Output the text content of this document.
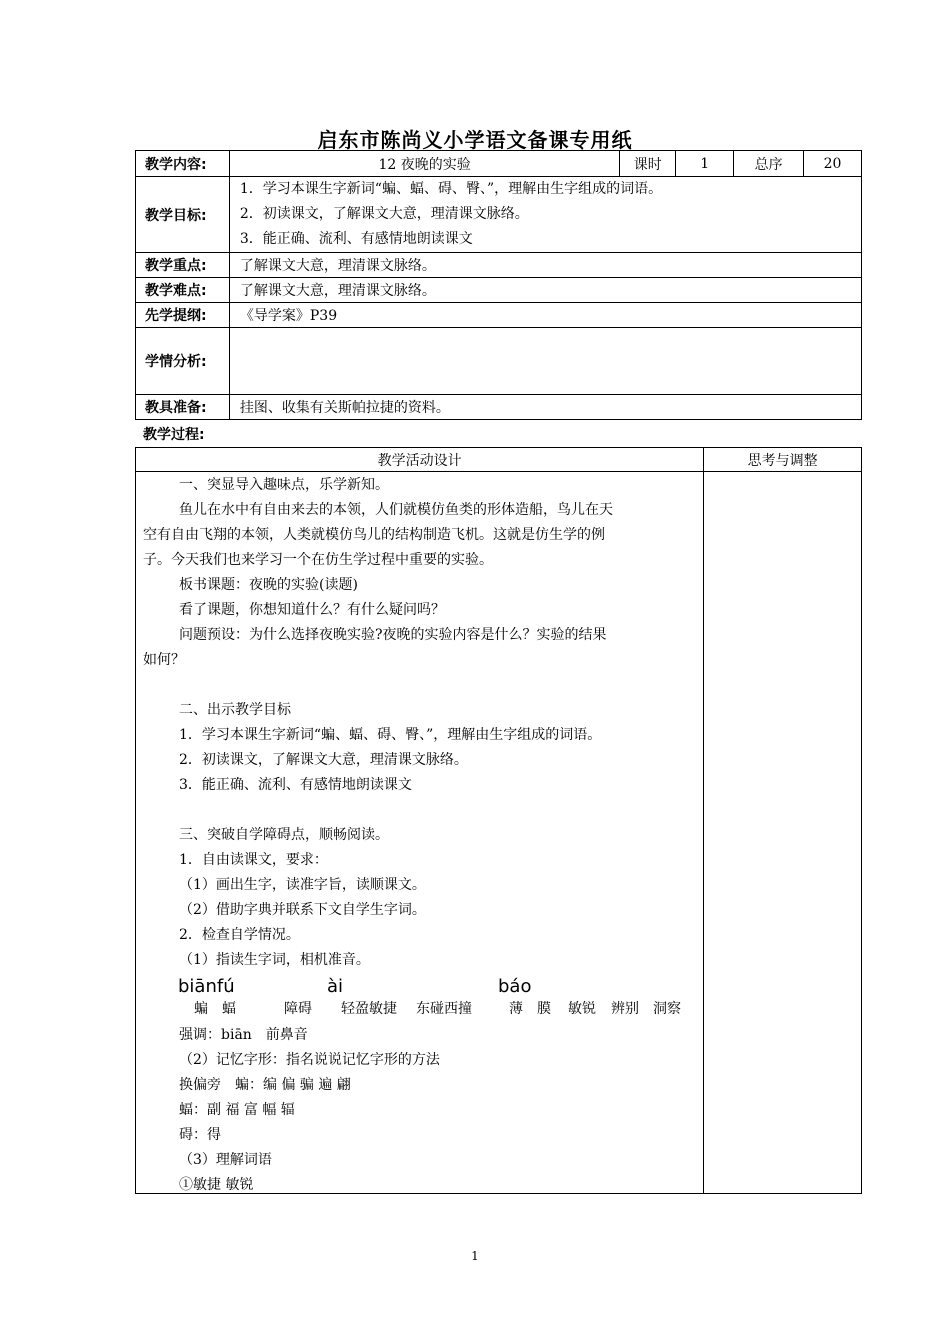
启东市陈尚义小学语文备课专用纸
教学内容:	12 夜晚的实验	课时	1	总序	20
教学目标:	1．学习本课生字新词“蝙、蝠、碍、臀、”，理解由生字组成的词语。
2．初读课文，了解课文大意，理清课文脉络。
3．能正确、流利、有感情地朗读课文				

教学重点:	了解课文大意，理清课文脉络。				
教学难点:	了解课文大意，理清课文脉络。				
先学提纲:	《导学案》P39				
学情分析:					
教具准备:	挂图、收集有关斯帕拉捷的资料。				
教学过程:
教学活动设计	思考与调整

一、突显导入趣味点，乐学新知。
鱼儿在水中有自由来去的本领，人们就模仿鱼类的形体造船，鸟儿在天
空有自由飞翔的本领，人类就模仿鸟儿的结构制造飞机。这就是仿生学的例
子。今天我们也来学习一个在仿生学过程中重要的实验。
板书课题：夜晚的实验(读题)
看了课题，你想知道什么？有什么疑问吗？
问题预设：为什么选择夜晚实验?夜晚的实验内容是什么？实验的结果
如何？
二、出示教学目标
1．学习本课生字新词“蝙、蝠、碍、臀、”，理解由生字组成的词语。
2．初读课文，了解课文大意，理清课文脉络。
3．能正确、流利、有感情地朗读课文
三、突破自学障碍点，顺畅阅读。
1．自由读课文，要求：
（1）画出生字，读准字旨，读顺课文。
（2）借助字典并联系下文自学生字词。
2．检查自学情况。
（1）指读生字词，相机准音。
biānfú	ài	báo
蝙　蝠	障碍 轻盈敏捷 东碰西撞	薄　膜 敏锐 辨别 洞察
强调：biān　前鼻音
（2）记忆字形：指名说说记忆字形的方法
换偏旁　蝙：编 偏 骗 遍 翩
蝠：副 福 富 幅 辐
碍：得
（3）理解词语
①敏捷 敏锐
1
